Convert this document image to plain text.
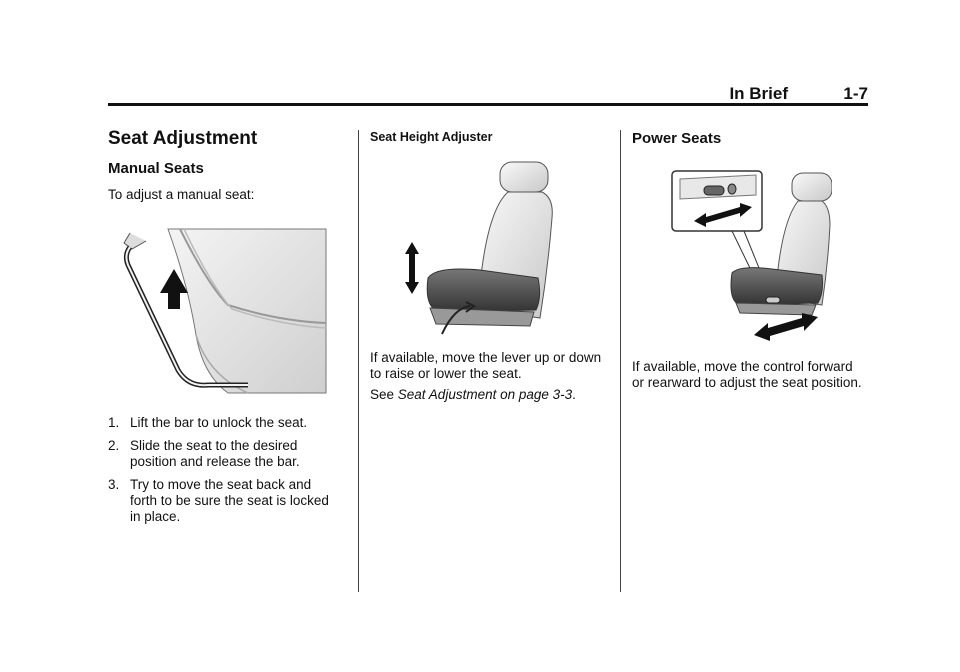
In Brief	1-7
Seat Adjustment
Manual Seats

To adjust a manual seat:

1. Lift the bar to unlock the seat.
2. Slide the seat to the desired position and release the bar.
3. Try to move the seat back and forth to be sure the seat is locked in place.
Seat Height Adjuster

If available, move the lever up or down to raise or lower the seat.

See Seat Adjustment on page 3-3.

Power Seats

If available, move the control forward or rearward to adjust the seat position.
